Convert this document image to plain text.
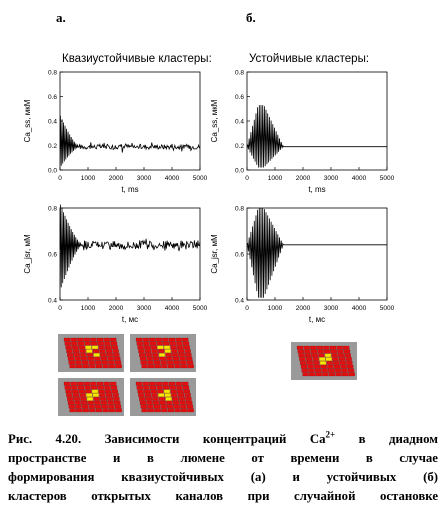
а.	б.
Квазиустойчивые кластеры:
0	1000 2000 3000 4000 5000
0.0
0.2
0.4
0.6
0.8
t, ms
Ca_ss, мкМ
Устойчивые кластеры:
0	1000 2000 3000 4000 5000
0.0
0.2
0.4
0.6
0.8
t, ms
Ca_ss, мкМ
0	1000 2000 3000 4000 5000
0.4
0.6
0.8
t, мс
Ca_jsr, мМ
0	1000 2000 3000 4000 5000
0.4
0.6
0.8
t, мс
Ca_jsr, мМ
Рис. 4.20. Зависимости концентраций $Ca^{2+}$ в диадном
пространстве и в люмене от времени в случае
формирования квазиустойчивых (а) и устойчивых (б)
кластеров открытых каналов при случайной остановке
